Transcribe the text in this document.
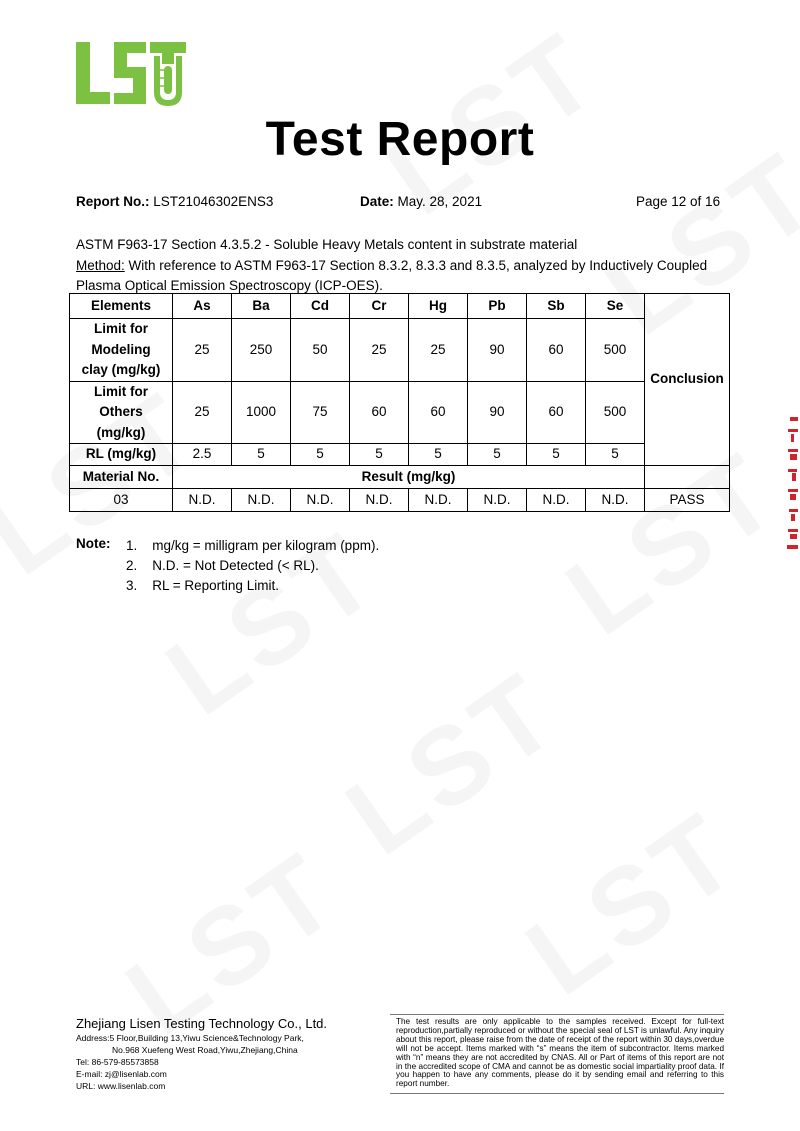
Test Report
Report No.: LST21046302ENS3	Date: May. 28, 2021	Page 12 of 16
ASTM F963-17 Section 4.3.5.2 - Soluble Heavy Metals content in substrate material
Method: With reference to ASTM F963-17 Section 8.3.2, 8.3.3 and 8.3.5, analyzed by Inductively Coupled
Plasma Optical Emission Spectroscopy (ICP-OES).
Elements	As	Ba	Cd	Cr	Hg	Pb	Sb	Se	Conclusion
Limit for
Modeling
clay (mg/kg)	25	250	50	25	25	90	60	500	
Limit for
Others
(mg/kg)	25	1000	75	60	60	90	60	500	
RL (mg/kg)	2.5	5	5	5	5	5	5	5	
Material No.	Result (mg/kg)								
03	N.D.	N.D.	N.D.	N.D.	N.D.	N.D.	N.D.	N.D.	PASS
Note: 1. mg/kg = milligram per kilogram (ppm).
2. N.D. = Not Detected (< RL).
3. RL = Reporting Limit.
Zhejiang Lisen Testing Technology Co., Ltd.
Address:5 Floor,Building 13,Yiwu Science&Technology Park,
No.968 Xuefeng West Road,Yiwu,Zhejiang,China
Tel: 86-579-85573858
E-mail: zj@lisenlab.com
URL: www.lisenlab.com
The test results are only applicable to the samples received. Except for full-text reproduction,partially reproduced or without the special seal of LST is unlawful. Any inquiry about this report, please raise from the date of receipt of the report within 30 days,overdue will not be accept. Items marked with “s” means the item of subcontractor. Items marked with “n” means they are not accredited by CNAS. All or Part of items of this report are not in the accredited scope of CMA and cannot be as domestic social impartiality proof data. If you happen to have any comments, please do it by sending email and referring to this report number.
